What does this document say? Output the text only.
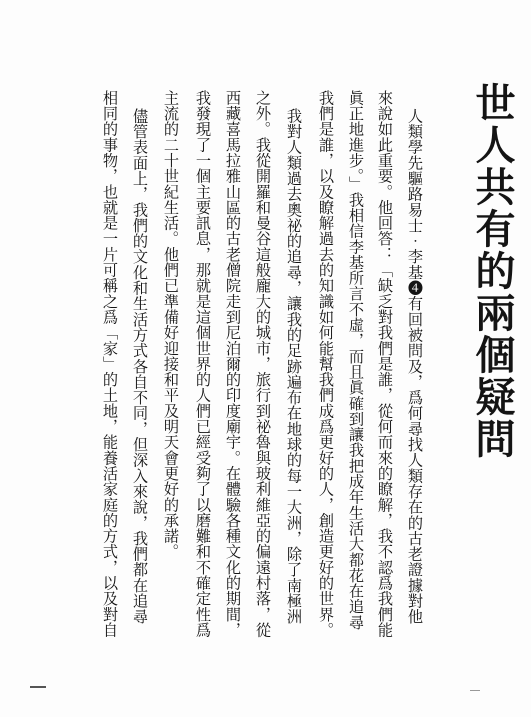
世人共有的兩個疑問

人類學先驅路易士‧李基❹有回被問及，爲何尋找人類存在的古老證據對他

來說如此重要。他回答：「缺乏對我們是誰，從何而來的瞭解，我不認爲我們能

眞正地進步。」我相信李基所言不虛，而且眞確到讓我把成年生活大都花在追尋

我們是誰，以及瞭解過去的知識如何能幫我們成爲更好的人，創造更好的世界。

我對人類過去奧祕的追尋，讓我的足跡遍布在地球的每一大洲，除了南極洲

之外。我從開羅和曼谷這般龐大的城市，旅行到祕魯與玻利維亞的偏遠村落，從

西藏喜馬拉雅山區的古老僧院走到尼泊爾的印度廟宇。在體驗各種文化的期間，

我發現了一個主要訊息，那就是這個世界的人們已經受夠了以磨難和不確定性爲

主流的二十世紀生活。他們已準備好迎接和平及明天會更好的承諾。

儘管表面上，我們的文化和生活方式各自不同，但深入來說，我們都在追尋

相同的事物，也就是一片可稱之爲「家」的土地，能養活家庭的方式，以及對自
